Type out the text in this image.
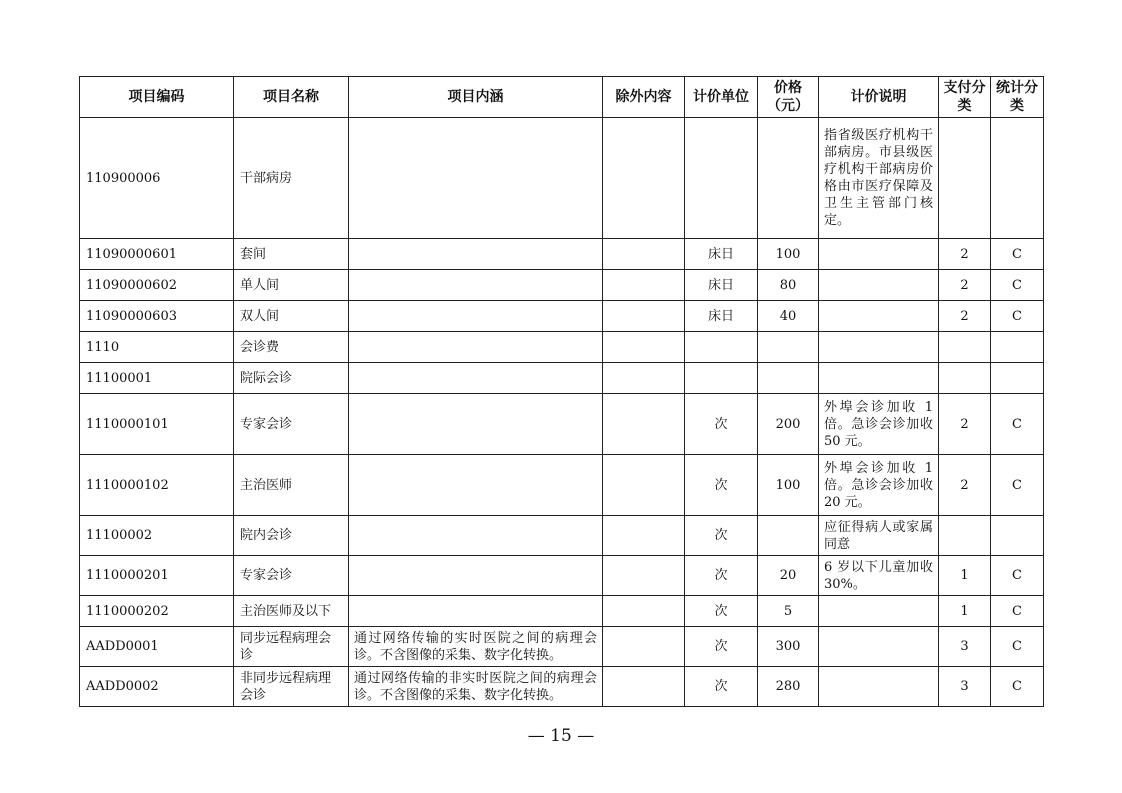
项目编码	项目名称	项目内涵	除外内容	计价单位	价格（元）	计价说明	支付分类	统计分类
110900006	干部病房					指省级医疗机构干部病房。市县级医疗机构干部病房价格由市医疗保障及卫生主管部门核定。		
11090000601	套间			床日	100		2	C
11090000602	单人间			床日	80		2	C
11090000603	双人间			床日	40		2	C
1110	会诊费							
11100001	院际会诊							
1110000101	专家会诊			次	200	外埠会诊加收 1 倍。急诊会诊加收 50 元。	2	C
1110000102	主治医师			次	100	外埠会诊加收 1 倍。急诊会诊加收 20 元。	2	C
11100002	院内会诊			次		应征得病人或家属同意		
1110000201	专家会诊			次	20	6 岁以下儿童加收 30%。	1	C
1110000202	主治医师及以下			次	5		1	C
AADD0001	同步远程病理会诊	通过网络传输的实时医院之间的病理会诊。不含图像的采集、数字化转换。		次	300		3	C
AADD0002	非同步远程病理会诊	通过网络传输的非实时医院之间的病理会诊。不含图像的采集、数字化转换。		次	280		3	C
— 15 —
